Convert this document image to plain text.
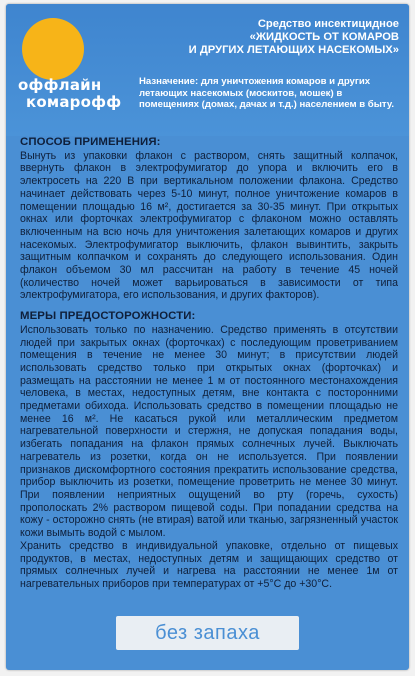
оффлайн
комарофф
Средство инсектицидное
«ЖИДКОСТЬ ОТ КОМАРОВ
И ДРУГИХ ЛЕТАЮЩИХ НАСЕКОМЫХ»
Назначение: для уничтожения комаров и других летающих насекомых (москитов, мошек) в помещениях (домах, дачах и т.д.) населением в быту.
СПОСОБ ПРИМЕНЕНИЯ:

Вынуть из упаковки флакон с раствором, снять защитный колпачок, ввернуть флакон в электрофумигатор до упора и включить его в электросеть на 220 В при вертикальном положении флакона. Средство начинает действовать через 5-10 минут, полное уничтожение комаров в помещении площадью 16 м², достигается за 30-35 минут. При открытых окнах или форточках электрофумигатор с флаконом можно оставлять включенным на всю ночь для уничтожения залетающих комаров и других насекомых. Электрофумигатор выключить, флакон вывинтить, закрыть защитным колпачком и сохранять до следующего использования. Один флакон объемом 30 мл рассчитан на работу в течение 45 ночей (количество ночей может варьироваться в зависимости от типа электрофумигатора, его использования, и других факторов).

МЕРЫ ПРЕДОСТОРОЖНОСТИ:

Использовать только по назначению. Средство применять в отсутствии людей при закрытых окнах (форточках) с последующим проветриванием помещения в течение не менее 30 минут; в присутствии людей использовать средство только при открытых окнах (форточках) и размещать на расстоянии не менее 1 м от постоянного местонахождения человека, в местах, недоступных детям, вне контакта с посторонними предметами обихода. Использовать средство в помещении площадью не менее 16 м². Не касаться рукой или металлическим предметом нагревательной поверхности и стержня, не допуская попадания воды, избегать попадания на флакон прямых солнечных лучей. Выключать нагреватель из розетки, когда он не используется. При появлении признаков дискомфортного состояния прекратить использование средства, прибор выключить из розетки, помещение проветрить не менее 30 минут. При появлении неприятных ощущений во рту (горечь, сухость) прополоскать 2% раствором пищевой соды. При попадании средства на кожу - осторожно снять (не втирая) ватой или тканью, загрязненный участок кожи вымыть водой с мылом.

Хранить средство в индивидуальной упаковке, отдельно от пищевых продуктов, в местах, недоступных детям и защищающих средство от прямых солнечных лучей и нагрева на расстоянии не менее 1м от нагревательных приборов при температурах от +5°С до +30°С.

без запаха
